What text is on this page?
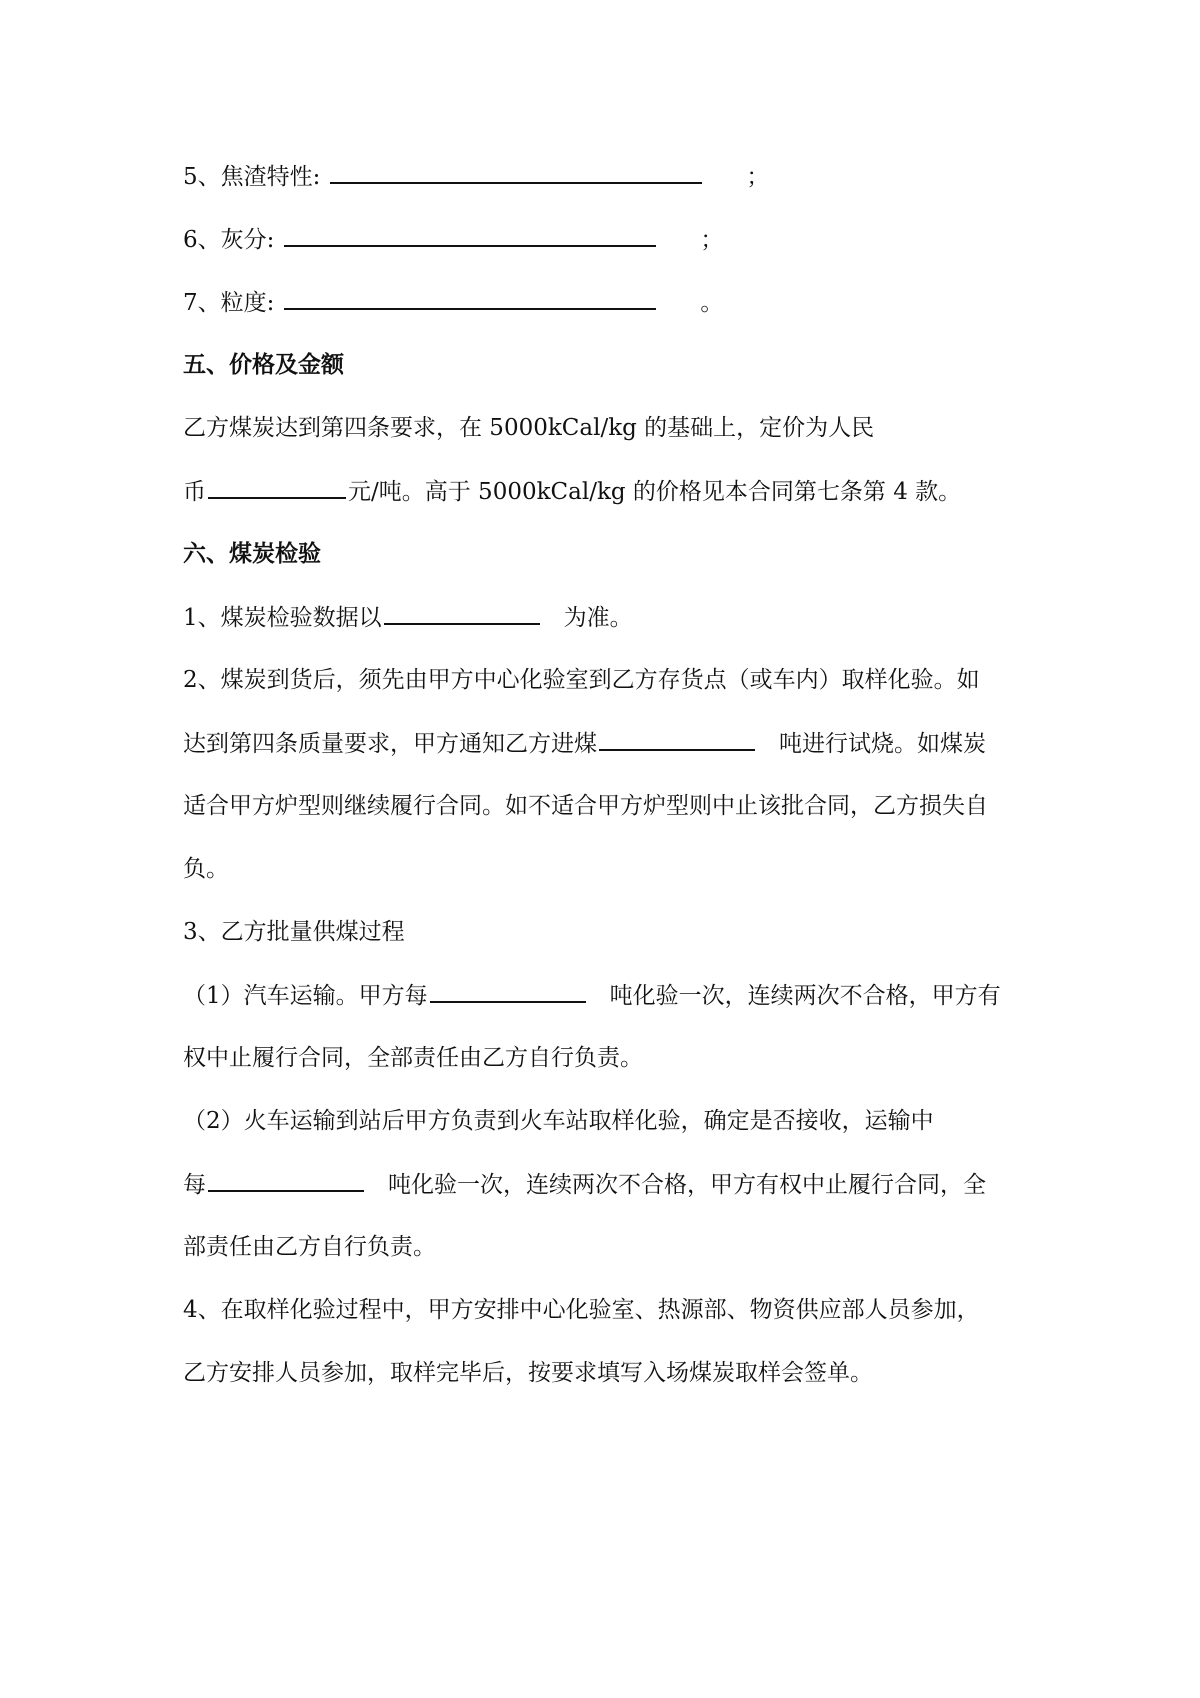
5、焦渣特性:	；
6、灰分:	；
7、粒度:	。
五、价格及金额
乙方煤炭达到第四条要求，在 5000kCal/kg 的基础上，定价为人民
币	元/吨。高于 5000kCal/kg 的价格见本合同第七条第 4 款。
六、煤炭检验
1、煤炭检验数据以	为准。
2、煤炭到货后，须先由甲方中心化验室到乙方存货点（或车内）取样化验。如
达到第四条质量要求，甲方通知乙方进煤	吨进行试烧。如煤炭
适合甲方炉型则继续履行合同。如不适合甲方炉型则中止该批合同，乙方损失自
负。
3、乙方批量供煤过程
（1）汽车运输。甲方每	吨化验一次，连续两次不合格，甲方有
权中止履行合同，全部责任由乙方自行负责。
（2）火车运输到站后甲方负责到火车站取样化验，确定是否接收，运输中
每	吨化验一次，连续两次不合格，甲方有权中止履行合同，全
部责任由乙方自行负责。
4、在取样化验过程中，甲方安排中心化验室、热源部、物资供应部人员参加，
乙方安排人员参加，取样完毕后，按要求填写入场煤炭取样会签单。
